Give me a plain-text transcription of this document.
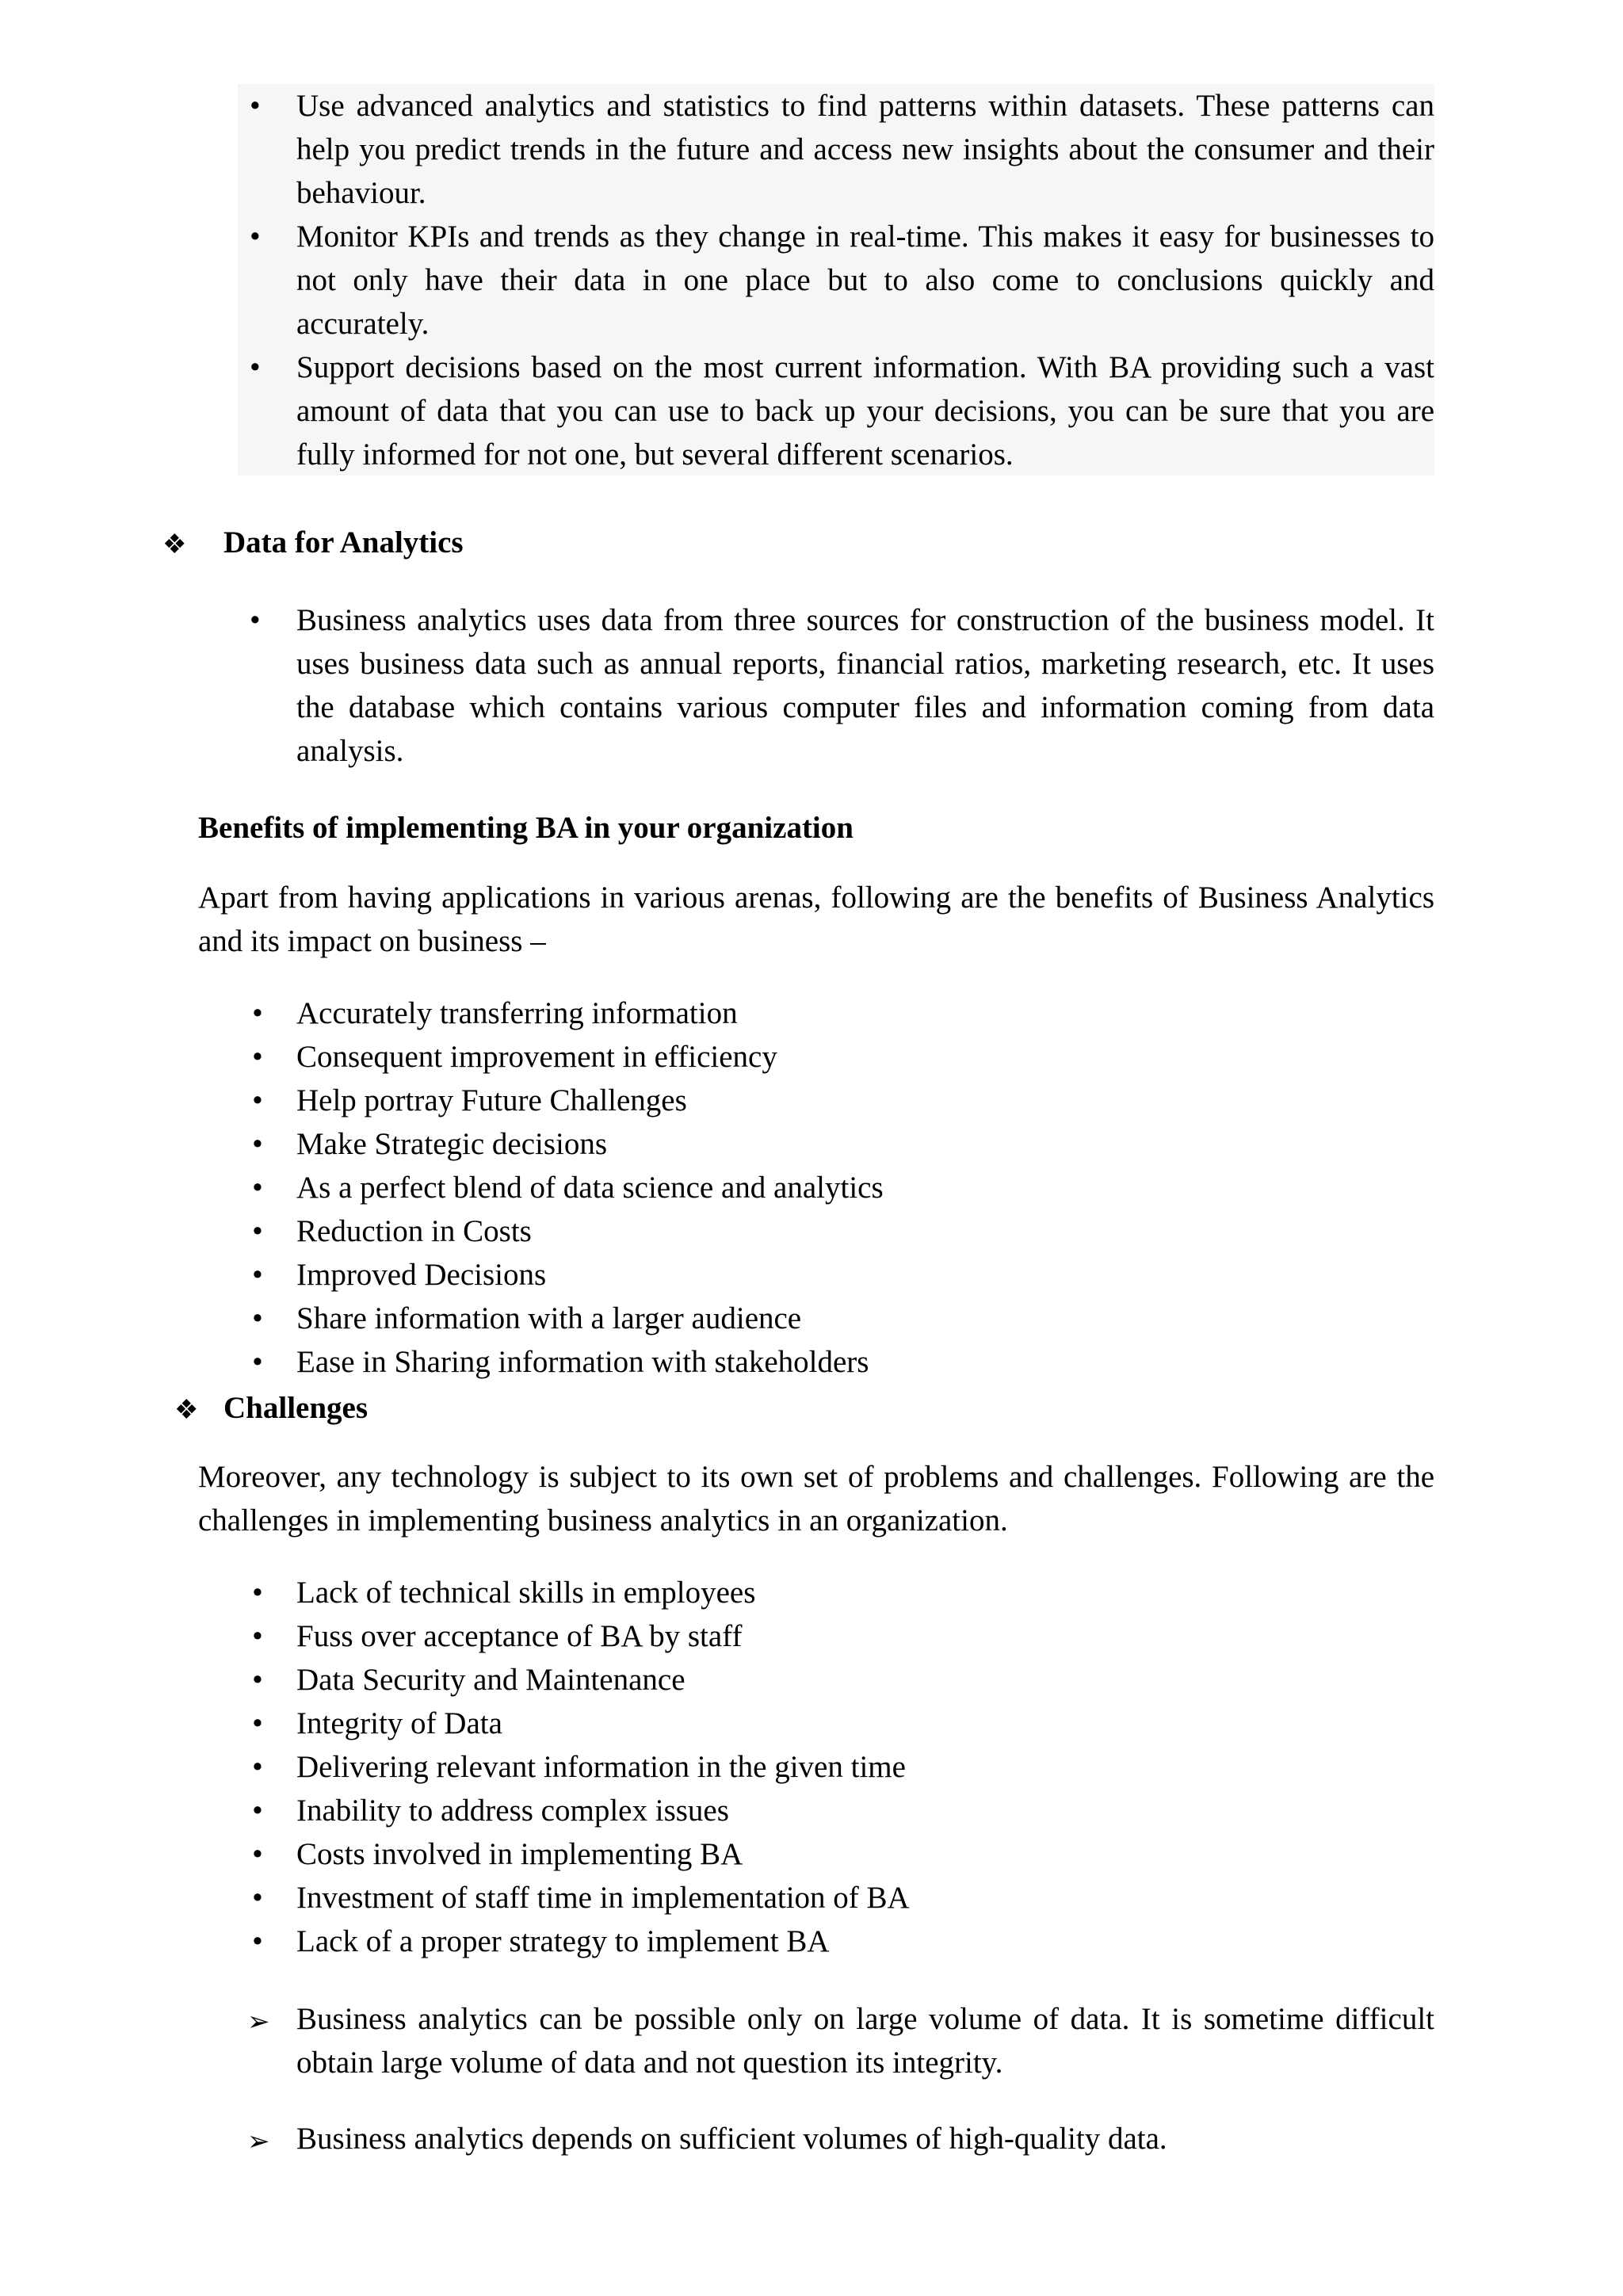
•
Use advanced analytics and statistics to find patterns within datasets. These patterns can help you predict trends in the future and access new insights about the consumer and their behaviour.
•
Monitor KPIs and trends as they change in real-time. This makes it easy for businesses to not only have their data in one place but to also come to conclusions quickly and accurately.
•
Support decisions based on the most current information. With BA providing such a vast amount of data that you can use to back up your decisions, you can be sure that you are fully informed for not one, but several different scenarios.
❖ Data for Analytics
•
Business analytics uses data from three sources for construction of the business model. It uses business data such as annual reports, financial ratios, marketing research, etc. It uses the database which contains various computer files and information coming from data analysis.
Benefits of implementing BA in your organization

Apart from having applications in various arenas, following are the benefits of Business Analytics and its impact on business –

•
Accurately transferring information
•
Consequent improvement in efficiency
•
Help portray Future Challenges
•
Make Strategic decisions
•
As a perfect blend of data science and analytics
•
Reduction in Costs
•
Improved Decisions
•
Share information with a larger audience
•
Ease in Sharing information with stakeholders
❖ Challenges

Moreover, any technology is subject to its own set of problems and challenges. Following are the challenges in implementing business analytics in an organization.

•
Lack of technical skills in employees
•
Fuss over acceptance of BA by staff
•
Data Security and Maintenance
•
Integrity of Data
•
Delivering relevant information in the given time
•
Inability to address complex issues
•
Costs involved in implementing BA
•
Investment of staff time in implementation of BA
•
Lack of a proper strategy to implement BA
➢ Business analytics can be possible only on large volume of data. It is sometime difficult obtain large volume of data and not question its integrity.

➢ Business analytics depends on sufficient volumes of high-quality data.
